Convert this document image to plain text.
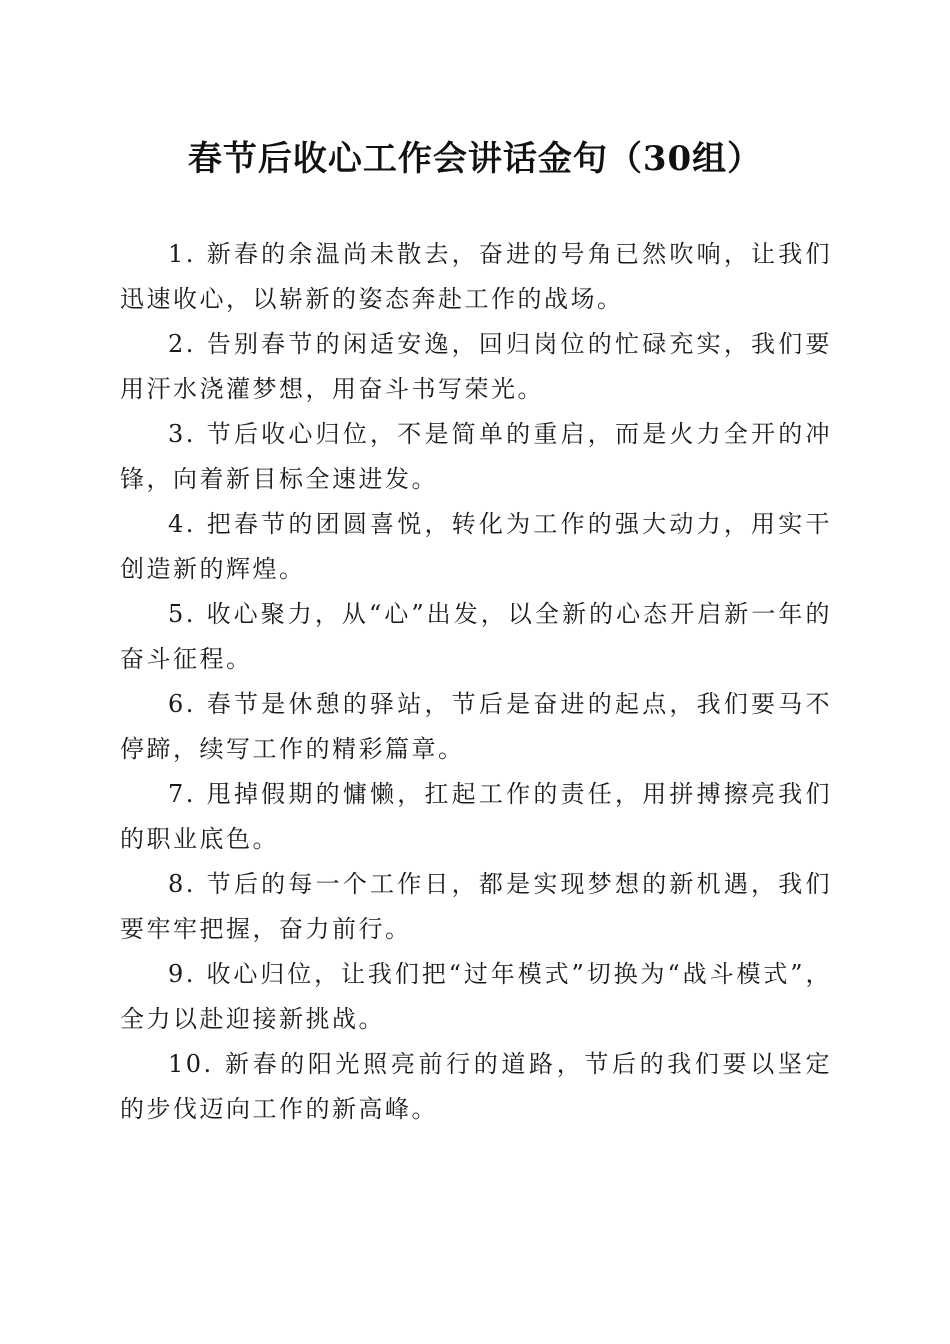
春节后收心工作会讲话金句（30组）

1. 新春的余温尚未散去，奋进的号角已然吹响，让我们迅速收心，以崭新的姿态奔赴工作的战场。

2. 告别春节的闲适安逸，回归岗位的忙碌充实，我们要用汗水浇灌梦想，用奋斗书写荣光。

3. 节后收心归位，不是简单的重启，而是火力全开的冲锋，向着新目标全速进发。

4. 把春节的团圆喜悦，转化为工作的强大动力，用实干创造新的辉煌。

5. 收心聚力，从“心”出发，以全新的心态开启新一年的奋斗征程。

6. 春节是休憩的驿站，节后是奋进的起点，我们要马不停蹄，续写工作的精彩篇章。

7. 甩掉假期的慵懒，扛起工作的责任，用拼搏擦亮我们的职业底色。

8. 节后的每一个工作日，都是实现梦想的新机遇，我们要牢牢把握，奋力前行。

9. 收心归位，让我们把“过年模式”切换为“战斗模式”，全力以赴迎接新挑战。

10. 新春的阳光照亮前行的道路，节后的我们要以坚定的步伐迈向工作的新高峰。
